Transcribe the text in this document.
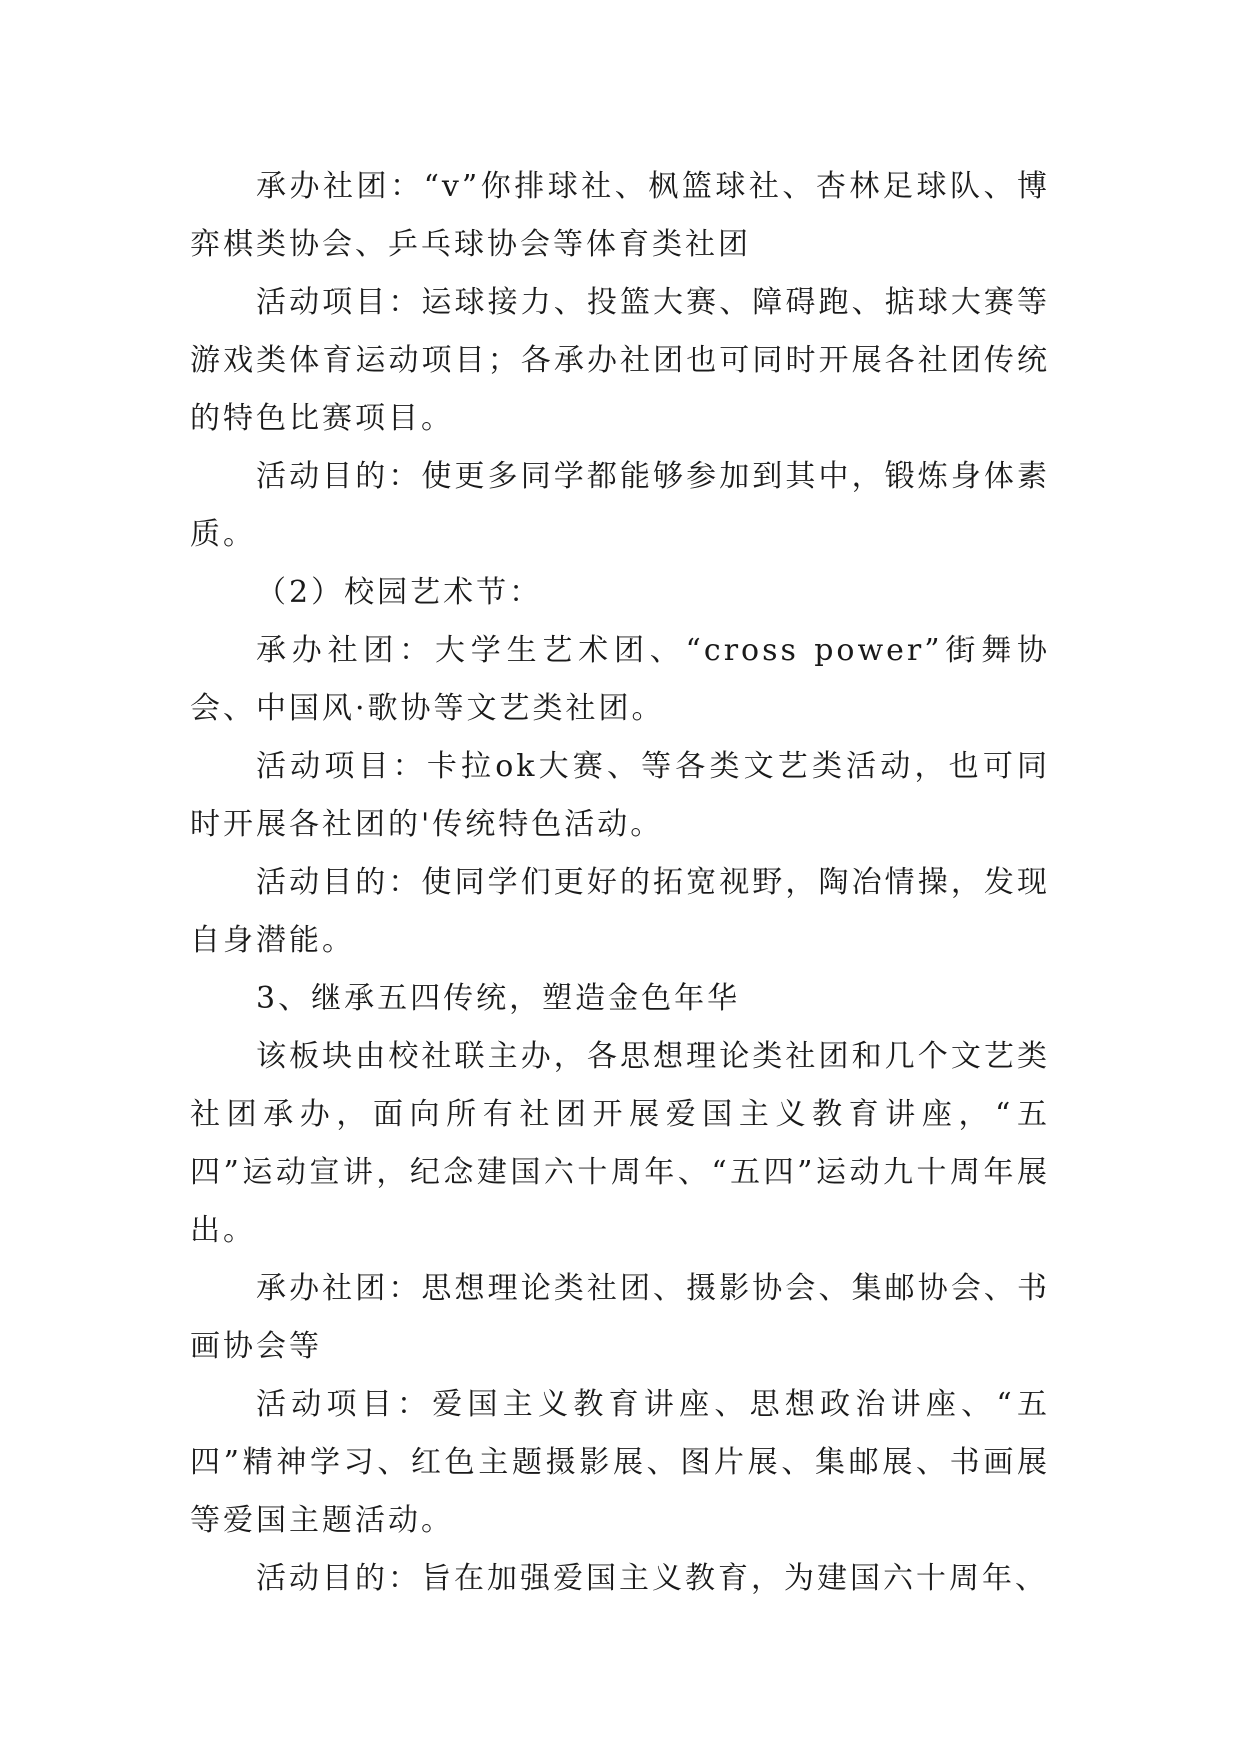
承办社团：“v”你排球社、枫篮球社、杏林足球队、博弈棋类协会、乒乓球协会等体育类社团

活动项目：运球接力、投篮大赛、障碍跑、掂球大赛等游戏类体育运动项目；各承办社团也可同时开展各社团传统的特色比赛项目。

活动目的：使更多同学都能够参加到其中，锻炼身体素质。

（2）校园艺术节：

承办社团：大学生艺术团、“cross power”街舞协会、中国风·歌协等文艺类社团。

活动项目：卡拉ok大赛、等各类文艺类活动，也可同时开展各社团的'传统特色活动。

活动目的：使同学们更好的拓宽视野，陶冶情操，发现自身潜能。

3、继承五四传统，塑造金色年华

该板块由校社联主办，各思想理论类社团和几个文艺类社团承办，面向所有社团开展爱国主义教育讲座，“五四”运动宣讲，纪念建国六十周年、“五四”运动九十周年展出。

承办社团：思想理论类社团、摄影协会、集邮协会、书画协会等

活动项目：爱国主义教育讲座、思想政治讲座、“五四”精神学习、红色主题摄影展、图片展、集邮展、书画展等爱国主题活动。

活动目的：旨在加强爱国主义教育，为建国六十周年、
